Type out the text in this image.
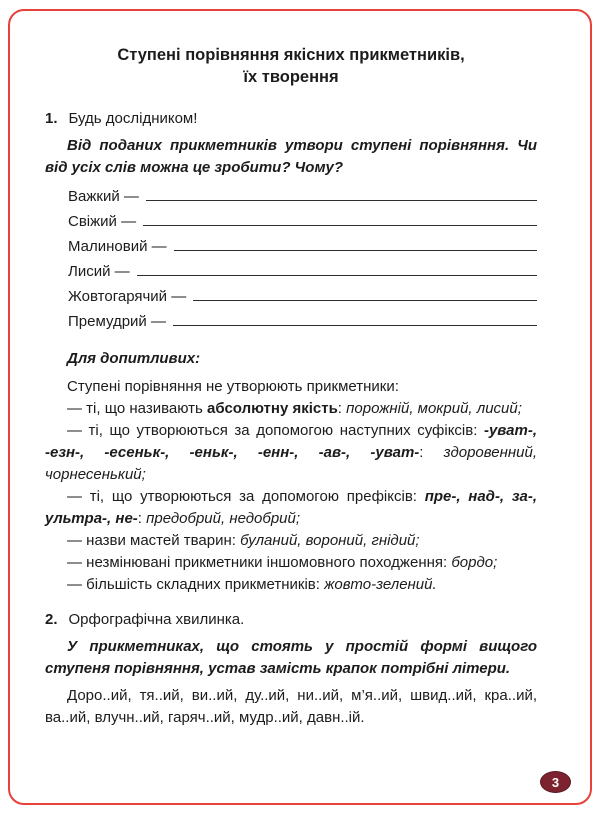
Ступені порівняння якісних прикметників,
їх творення
1. Будь дослідником!

Від поданих прикметників утвори ступені порівняння. Чи від усіх слів можна це зробити? Чому?

Важкий —
Свіжий —
Малиновий —
Лисий —
Жовтогарячий —
Премудрий —
Для допитливих:

Ступені порівняння не утворюють прикметники:

— ті, що називають абсолютну якість: порожній, мокрий, лисий;

— ті, що утворюються за допомогою наступних суфіксів: -уват-, -езн-, -есеньк-, -еньк-, -енн-, -ав-, -уват-: здоровенний, чорнесенький;

— ті, що утворюються за допомогою префіксів: пре-, над-, за-, ультра-, не-: предобрий, недобрий;

— назви мастей тварин: буланий, вороний, гнідий;

— незмінювані прикметники іншомовного походження: бордо;

— більшість складних прикметників: жовто-зелений.

2. Орфографічна хвилинка.

У прикметниках, що стоять у простій формі вищого ступеня порівняння, устав замість крапок потрібні літери.

Доро..ий, тя..ий, ви..ий, ду..ий, ни..ий, м’я..ий, швид..ий, кра..ий, ва..ий, влучн..ий, гаряч..ий, мудр..ий, давн..ій.

3
